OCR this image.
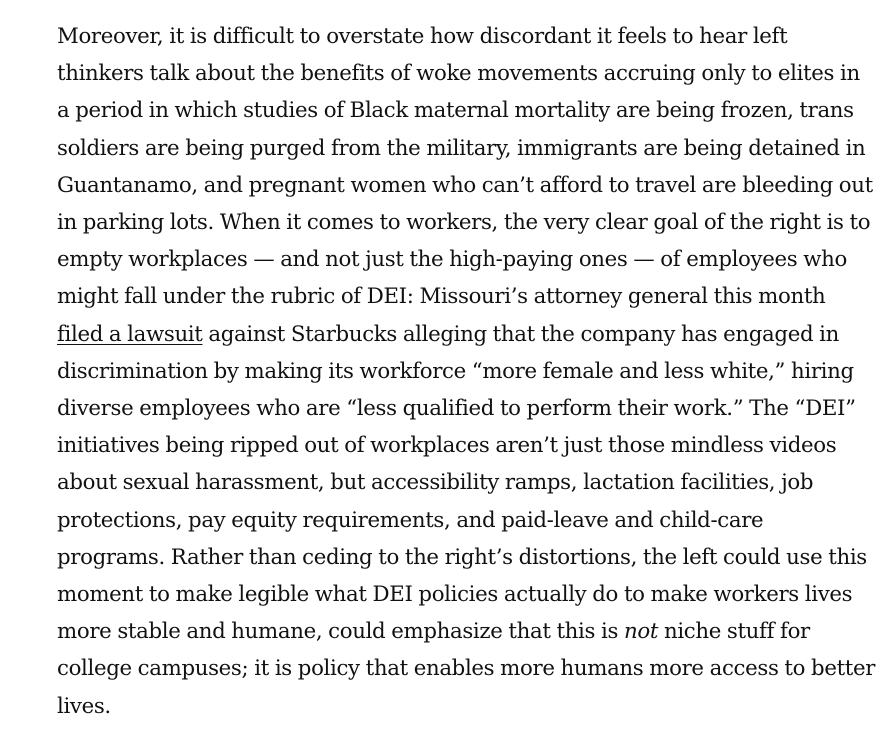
Moreover, it is difficult to overstate how discordant it feels to hear left thinkers talk about the benefits of woke movements accruing only to elites in a period in which studies of Black maternal mortality are being frozen, trans soldiers are being purged from the military, immigrants are being detained in Guantanamo, and pregnant women who can’t afford to travel are bleeding out in parking lots. When it comes to workers, the very clear goal of the right is to empty workplaces — and not just the high-paying ones — of employees who might fall under the rubric of DEI: Missouri’s attorney general this month filed a lawsuit against Starbucks alleging that the company has engaged in discrimination by making its workforce “more female and less white,” hiring diverse employees who are “less qualified to perform their work.” The “DEI” initiatives being ripped out of workplaces aren’t just those mindless videos about sexual harassment, but accessibility ramps, lactation facilities, job protections, pay equity requirements, and paid-leave and child-care programs. Rather than ceding to the right’s distortions, the left could use this moment to make legible what DEI policies actually do to make workers lives more stable and humane, could emphasize that this is not niche stuff for college campuses; it is policy that enables more humans more access to better lives.
